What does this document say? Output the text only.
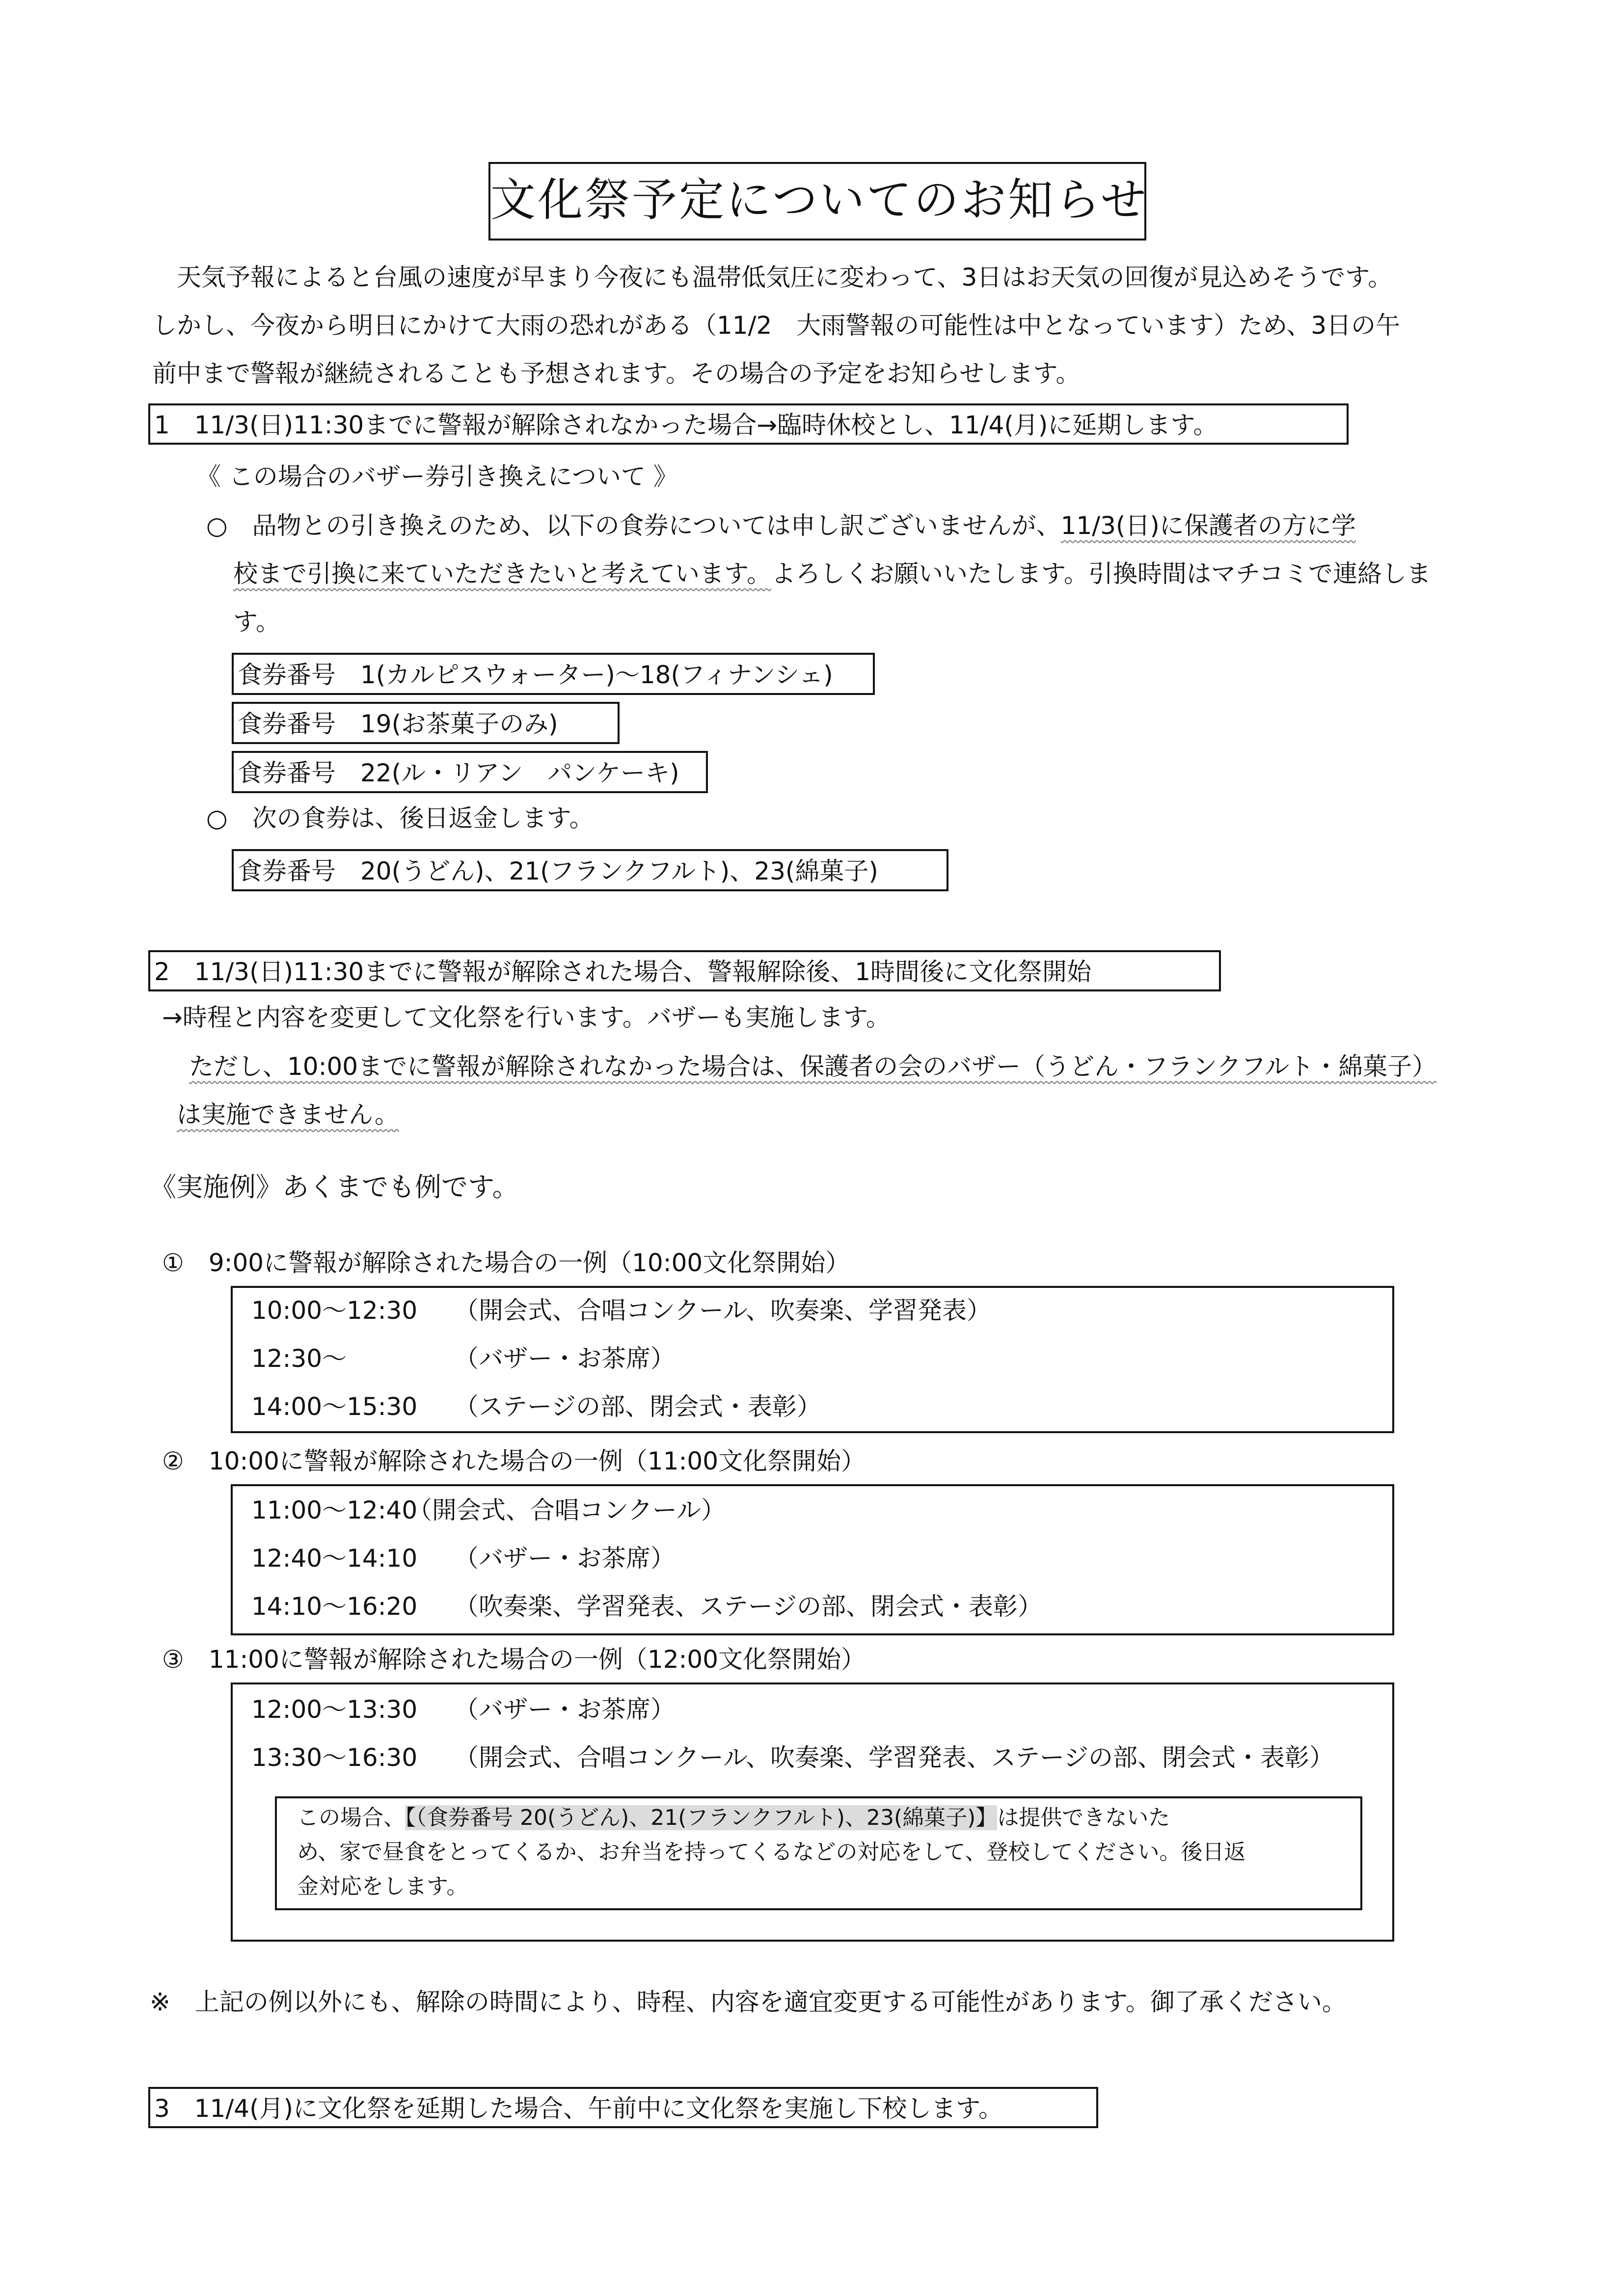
文化祭予定についてのお知らせ
天気予報によると台風の速度が早まり今夜にも温帯低気圧に変わって、3日はお天気の回復が見込めそうです。
しかし、今夜から明日にかけて大雨の恐れがある（11/2　大雨警報の可能性は中となっています）ため、3日の午
前中まで警報が継続されることも予想されます。その場合の予定をお知らせします。
1　11/3(日)11:30までに警報が解除されなかった場合→臨時休校とし、11/4(月)に延期します。
《 この場合のバザー券引き換えについて 》
○　品物との引き換えのため、以下の食券については申し訳ございませんが、11/3(日)に保護者の方に学
校まで引換に来ていただきたいと考えています。よろしくお願いいたします。引換時間はマチコミで連絡しま
す。
食券番号　1(カルピスウォーター)～18(フィナンシェ)
食券番号　19(お茶菓子のみ)
食券番号　22(ル・リアン　パンケーキ)
○　次の食券は、後日返金します。
食券番号　20(うどん)、21(フランクフルト)、23(綿菓子)
2　11/3(日)11:30までに警報が解除された場合、警報解除後、1時間後に文化祭開始
→時程と内容を変更して文化祭を行います。バザーも実施します。
ただし、10:00までに警報が解除されなかった場合は、保護者の会のバザー（うどん・フランクフルト・綿菓子）
は実施できません。
《実施例》あくまでも例です。
①　9:00に警報が解除された場合の一例（10:00文化祭開始）
10:00～12:30 （開会式、合唱コンクール、吹奏楽、学習発表）
12:30～	（バザー・お茶席）
14:00～15:30 （ステージの部、閉会式・表彰）
②　10:00に警報が解除された場合の一例（11:00文化祭開始）
11:00～12:40
（開会式、合唱コンクール）
12:40～14:10 （バザー・お茶席）
14:10～16:20 （吹奏楽、学習発表、ステージの部、閉会式・表彰）
③　11:00に警報が解除された場合の一例（12:00文化祭開始）
12:00～13:30 （バザー・お茶席）
13:30～16:30 （開会式、合唱コンクール、吹奏楽、学習発表、ステージの部、閉会式・表彰）
この場合、【（食券番号 20(うどん)、21(フランクフルト)、23(綿菓子)】は提供できないた
め、家で昼食をとってくるか、お弁当を持ってくるなどの対応をして、登校してください。後日返
金対応をします。
※　上記の例以外にも、解除の時間により、時程、内容を適宜変更する可能性があります。御了承ください。
3　11/4(月)に文化祭を延期した場合、午前中に文化祭を実施し下校します。
